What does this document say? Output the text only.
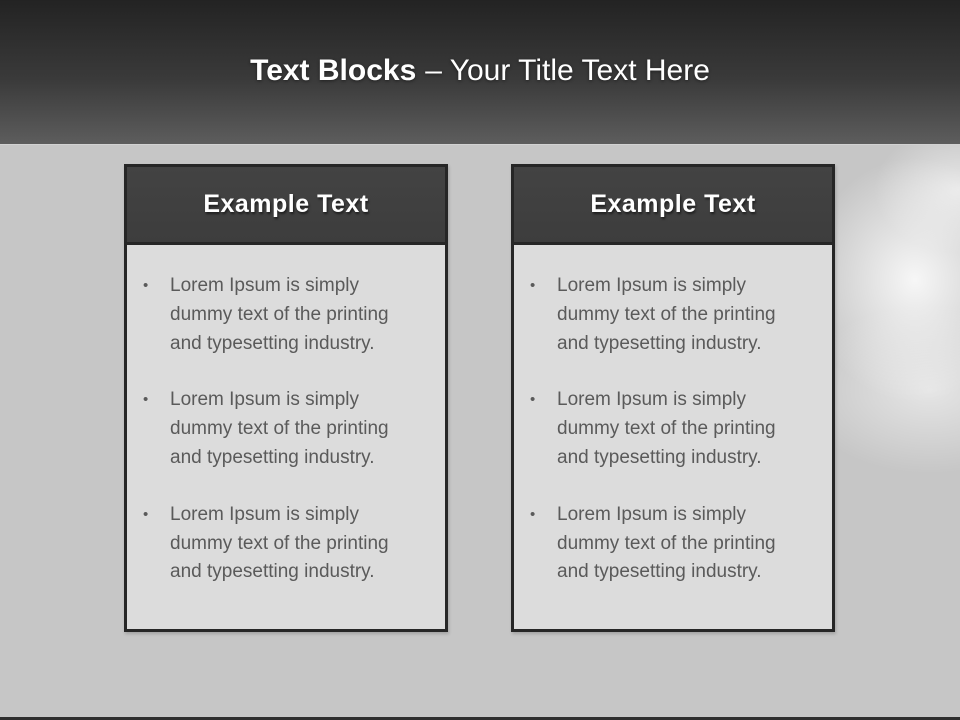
Text Blocks – Your Title Text Here
Example Text
•	Lorem Ipsum is simply
dummy text of the printing
and typesetting industry.
•	Lorem Ipsum is simply
dummy text of the printing
and typesetting industry.
•	Lorem Ipsum is simply
dummy text of the printing
and typesetting industry.
Example Text
•	Lorem Ipsum is simply
dummy text of the printing
and typesetting industry.
•	Lorem Ipsum is simply
dummy text of the printing
and typesetting industry.
•	Lorem Ipsum is simply
dummy text of the printing
and typesetting industry.
